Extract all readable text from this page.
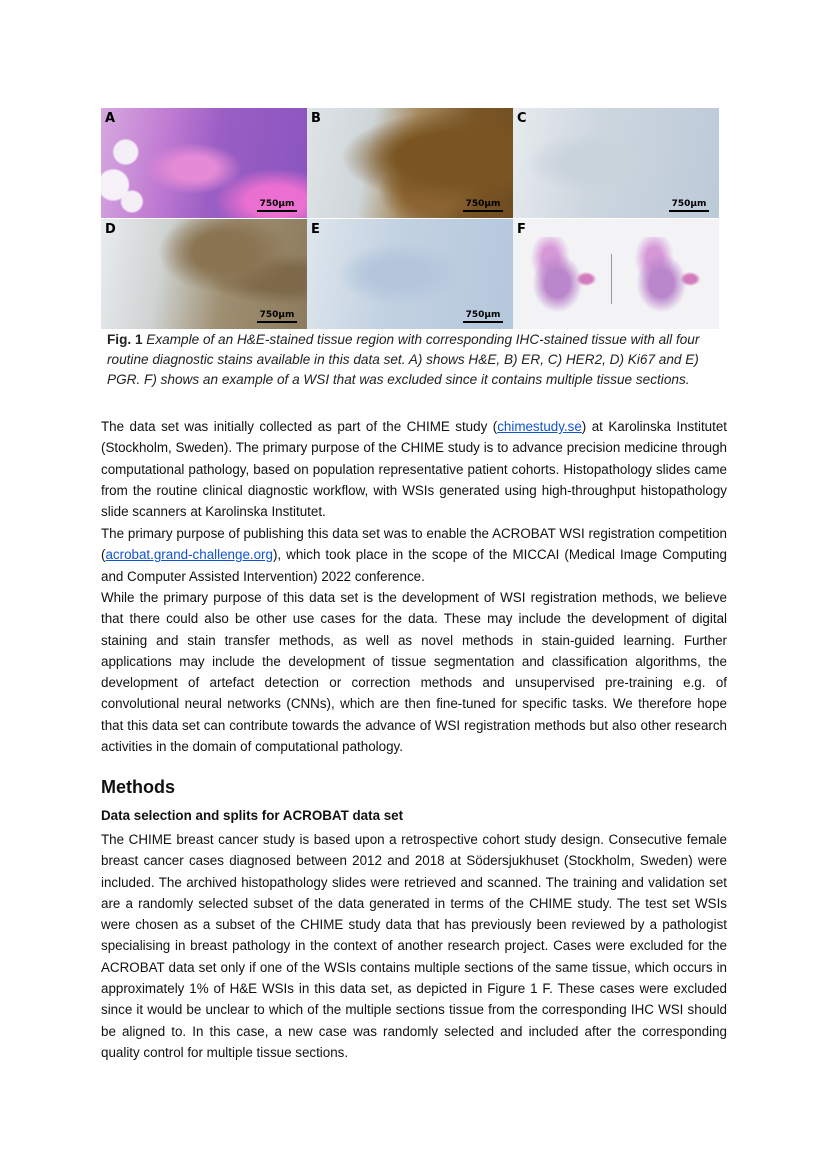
A
750µm
B
750µm
C
750µm
D
750µm
E
750µm
F
Fig. 1 Example of an H&E-stained tissue region with corresponding IHC-stained tissue with all four routine diagnostic stains available in this data set. A) shows H&E, B) ER, C) HER2, D) Ki67 and E) PGR. F) shows an example of a WSI that was excluded since it contains multiple tissue sections.

The data set was initially collected as part of the CHIME study (chimestudy.se) at Karolinska Institutet (Stockholm, Sweden). The primary purpose of the CHIME study is to advance precision medicine through computational pathology, based on population representative patient cohorts. Histopathology slides came from the routine clinical diagnostic workflow, with WSIs generated using high-throughput histopathology slide scanners at Karolinska Institutet.

The primary purpose of publishing this data set was to enable the ACROBAT WSI registration competition (acrobat.grand-challenge.org), which took place in the scope of the MICCAI (Medical Image Computing and Computer Assisted Intervention) 2022 conference.

While the primary purpose of this data set is the development of WSI registration methods, we believe that there could also be other use cases for the data. These may include the development of digital staining and stain transfer methods, as well as novel methods in stain-guided learning. Further applications may include the development of tissue segmentation and classification algorithms, the development of artefact detection or correction methods and unsupervised pre-training e.g. of convolutional neural networks (CNNs), which are then fine-tuned for specific tasks. We therefore hope that this data set can contribute towards the advance of WSI registration methods but also other research activities in the domain of computational pathology.

Methods
Data selection and splits for ACROBAT data set

The CHIME breast cancer study is based upon a retrospective cohort study design. Consecutive female breast cancer cases diagnosed between 2012 and 2018 at Södersjukhuset (Stockholm, Sweden) were included. The archived histopathology slides were retrieved and scanned. The training and validation set are a randomly selected subset of the data generated in terms of the CHIME study. The test set WSIs were chosen as a subset of the CHIME study data that has previously been reviewed by a pathologist specialising in breast pathology in the context of another research project. Cases were excluded for the ACROBAT data set only if one of the WSIs contains multiple sections of the same tissue, which occurs in approximately 1% of H&E WSIs in this data set, as depicted in Figure 1 F. These cases were excluded since it would be unclear to which of the multiple sections tissue from the corresponding IHC WSI should be aligned to. In this case, a new case was randomly selected and included after the corresponding quality control for multiple tissue sections.
